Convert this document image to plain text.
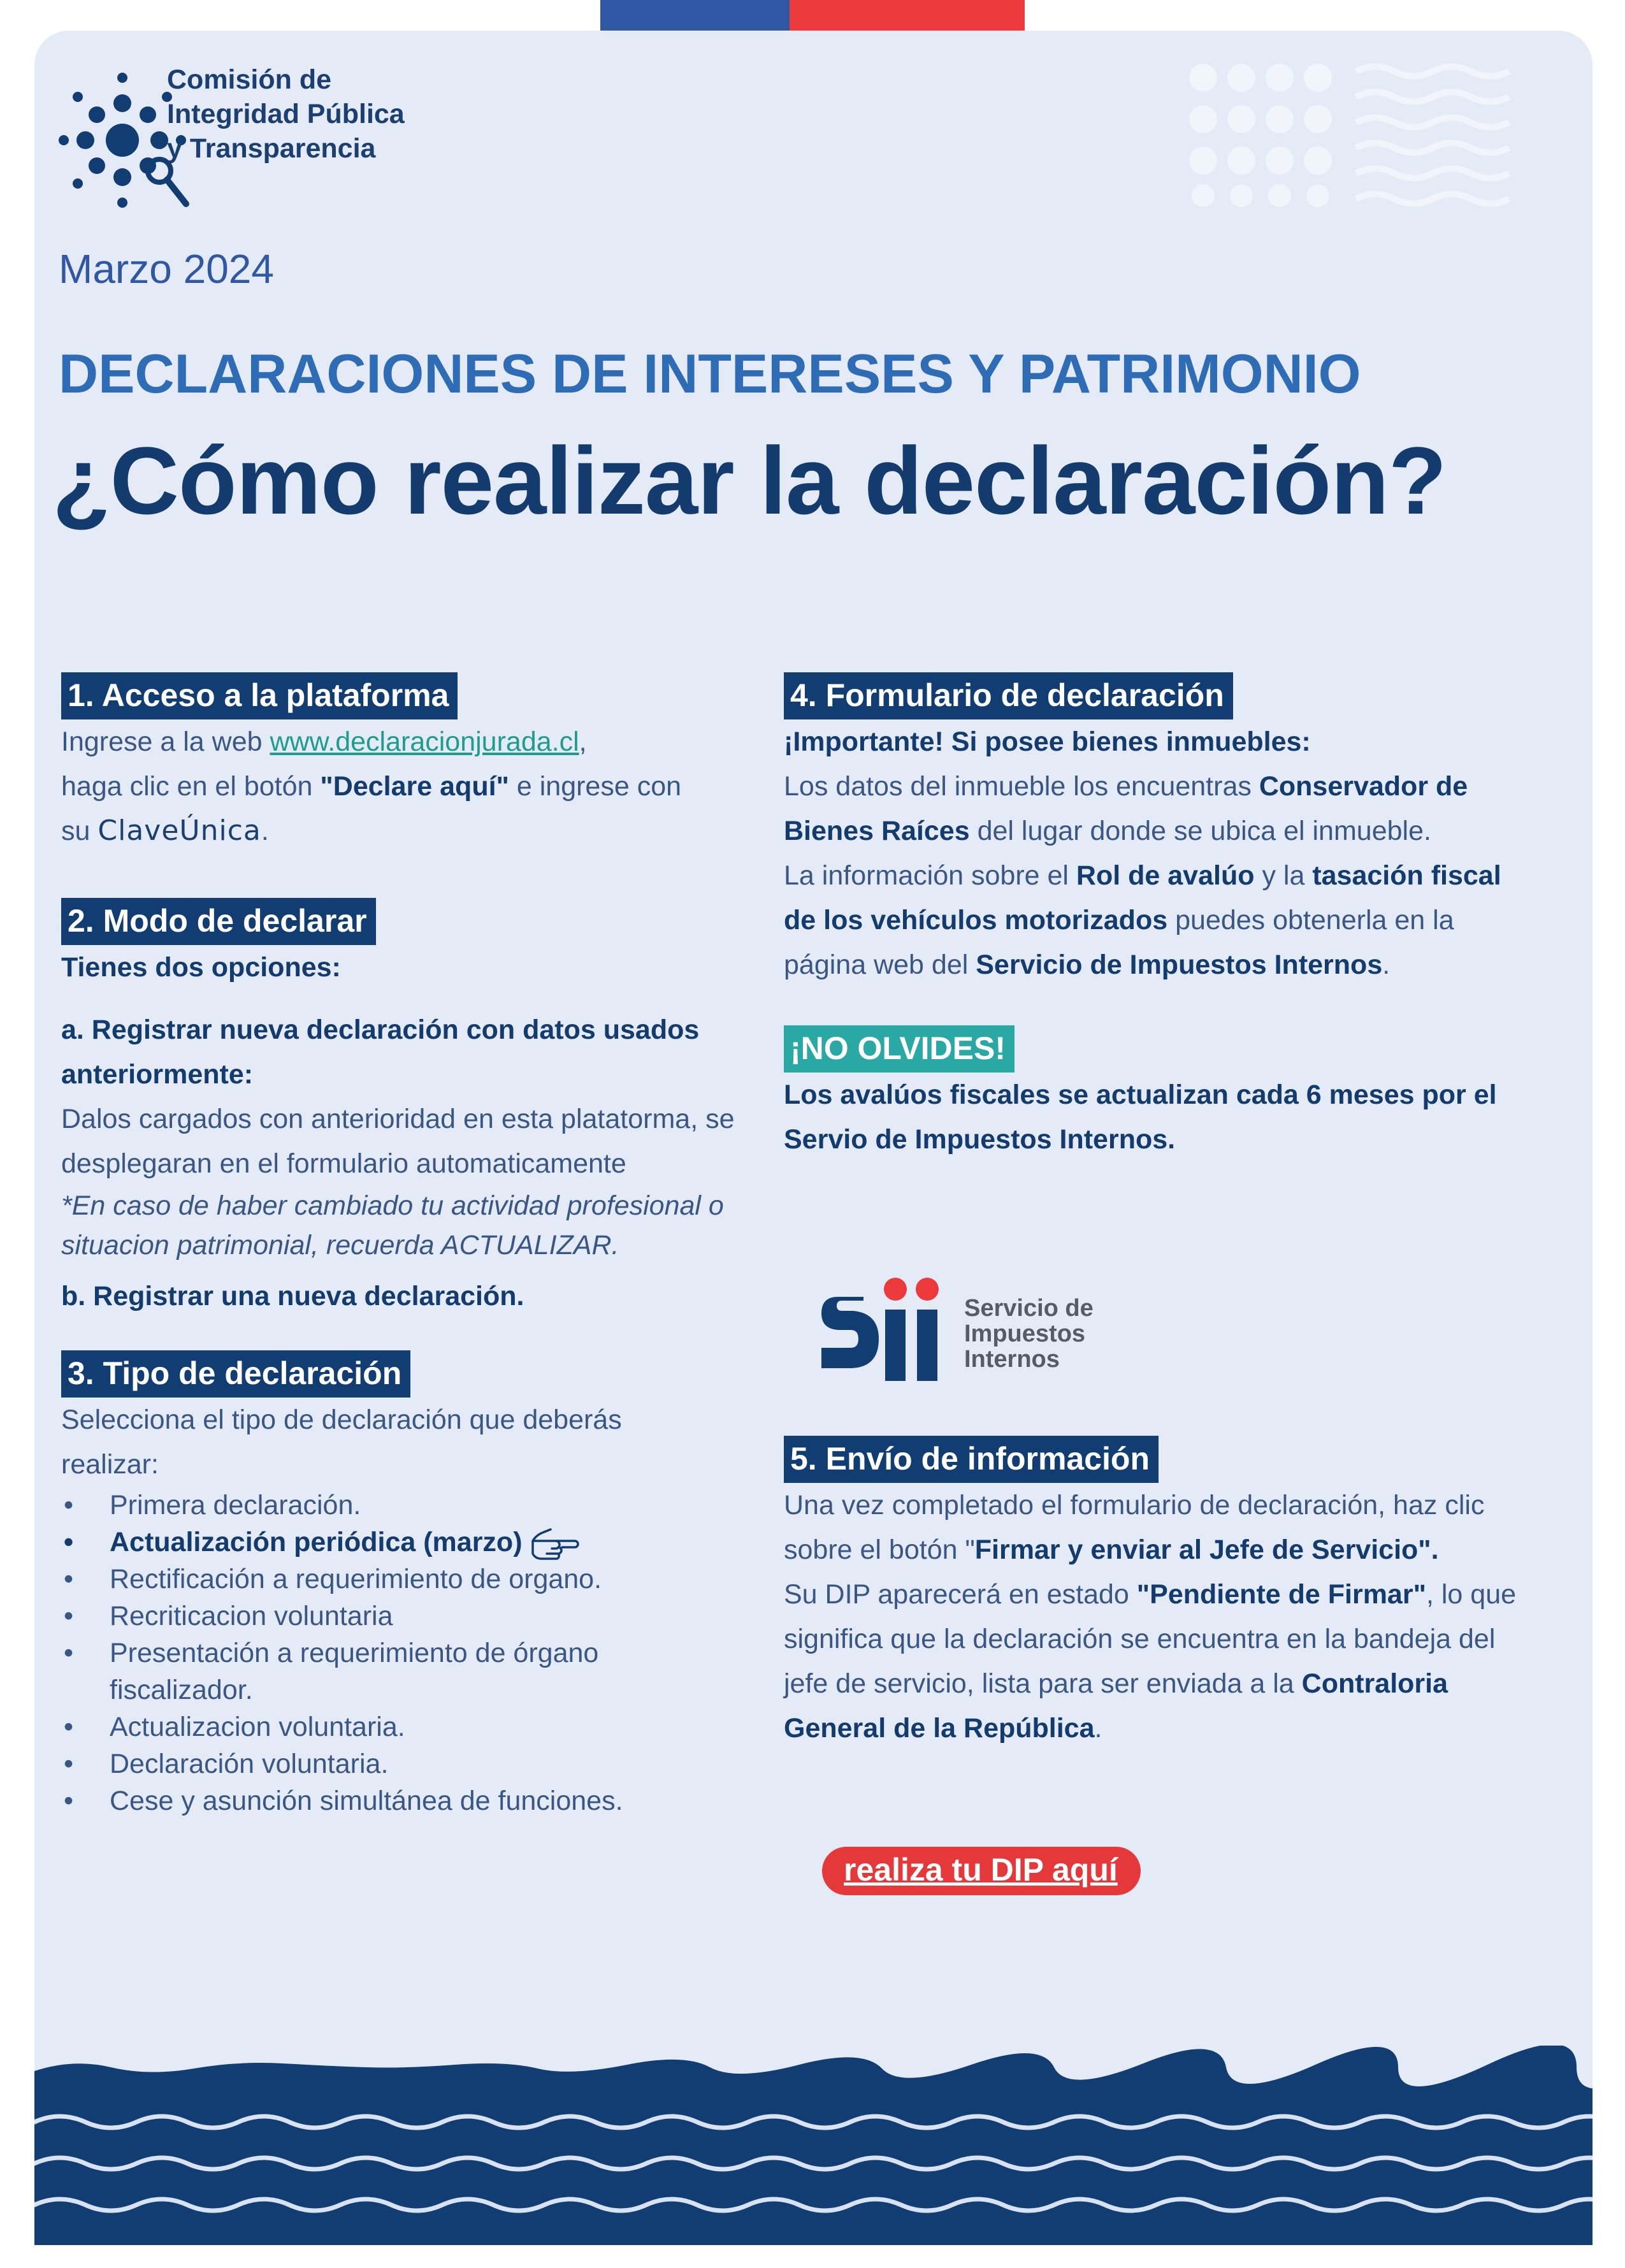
Comisión de
Integridad Pública
y Transparencia
Marzo 2024
DECLARACIONES DE INTERESES Y PATRIMONIO
¿Cómo realizar la declaración?
1. Acceso a la plataforma
Ingrese a la web www.declaracionjurada.cl,
haga clic en el botón "Declare aquí" e ingrese con
su ClaveÚnica.
2. Modo de declarar
Tienes dos opciones:
a. Registrar nueva declaración con datos usados anteriormente:
Dalos cargados con anterioridad en esta platatorma, se desplegaran en el formulario automaticamente
*En caso de haber cambiado tu actividad profesional o situacion patrimonial, recuerda ACTUALIZAR.
b. Registrar una nueva declaración.
3. Tipo de declaración
Selecciona el tipo de declaración que deberás realizar:
• Primera declaración.
• Actualización periódica (marzo)
• Rectificación a requerimiento de organo.
• Recriticacion voluntaria
• Presentación a requerimiento de órgano fiscalizador.
• Actualizacion voluntaria.
• Declaración voluntaria.
• Cese y asunción simultánea de funciones.
4. Formulario de declaración
¡Importante! Si posee bienes inmuebles:
Los datos del inmueble los encuentras Conservador de Bienes Raíces del lugar donde se ubica el inmueble.
La información sobre el Rol de avalúo y la tasación fiscal de los vehículos motorizados puedes obtenerla en la página web del Servicio de Impuestos Internos.
¡NO OLVIDES!
Los avalúos fiscales se actualizan cada 6 meses por el Servio de Impuestos Internos.
Servicio de
Impuestos
Internos
5. Envío de información
Una vez completado el formulario de declaración, haz clic sobre el botón "Firmar y enviar al Jefe de Servicio".
Su DIP aparecerá en estado "Pendiente de Firmar", lo que significa que la declaración se encuentra en la bandeja del jefe de servicio, lista para ser enviada a la Contraloria General de la República.
realiza tu DIP aquí
